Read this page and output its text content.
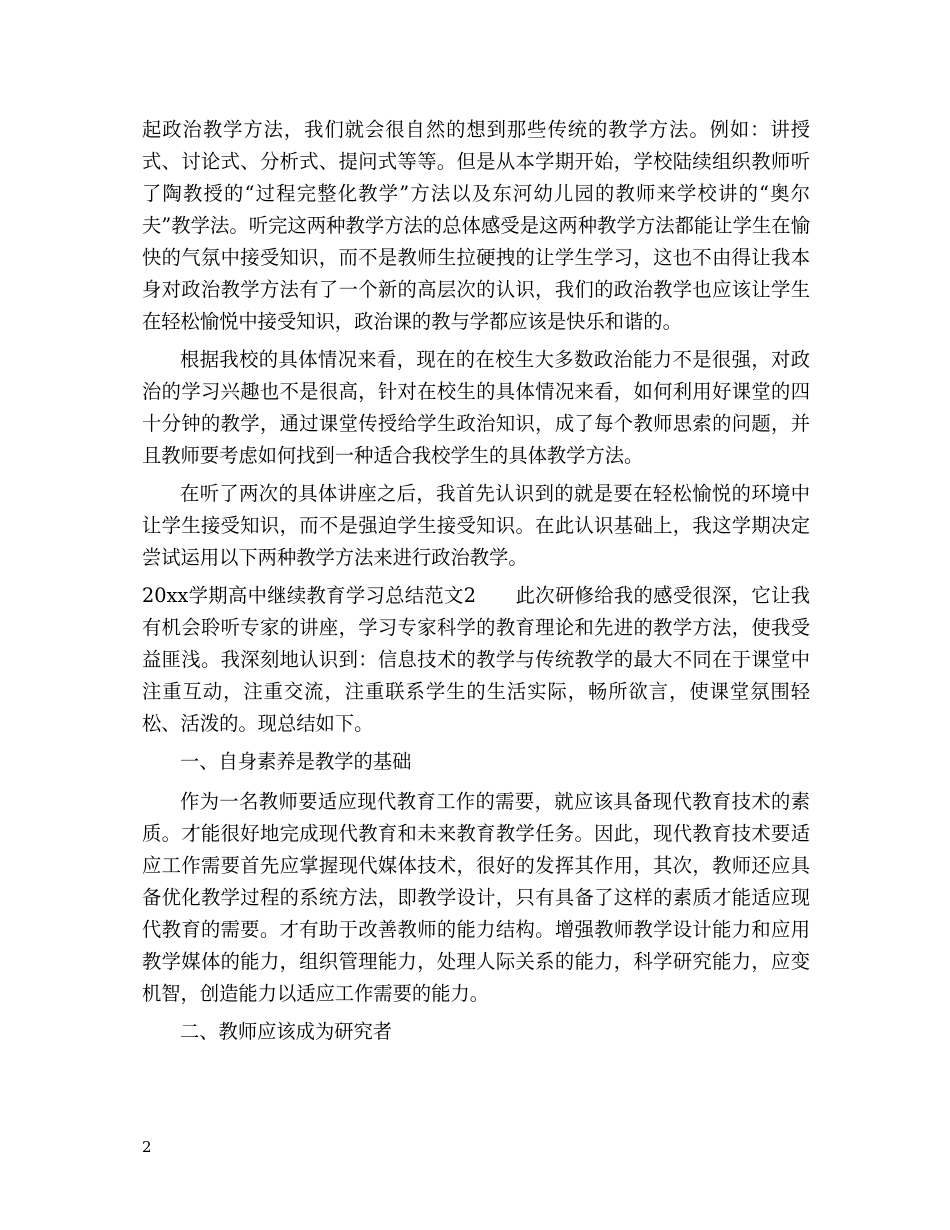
起政治教学方法，我们就会很自然的想到那些传统的教学方法。例如：讲授式、讨论式、分析式、提问式等等。但是从本学期开始，学校陆续组织教师听了陶教授的“过程完整化教学”方法以及东河幼儿园的教师来学校讲的“奥尔夫”教学法。听完这两种教学方法的总体感受是这两种教学方法都能让学生在愉快的气氛中接受知识，而不是教师生拉硬拽的让学生学习，这也不由得让我本身对政治教学方法有了一个新的高层次的认识，我们的政治教学也应该让学生在轻松愉悦中接受知识，政治课的教与学都应该是快乐和谐的。

根据我校的具体情况来看，现在的在校生大多数政治能力不是很强，对政治的学习兴趣也不是很高，针对在校生的具体情况来看，如何利用好课堂的四十分钟的教学，通过课堂传授给学生政治知识，成了每个教师思索的问题，并且教师要考虑如何找到一种适合我校学生的具体教学方法。

在听了两次的具体讲座之后，我首先认识到的就是要在轻松愉悦的环境中让学生接受知识，而不是强迫学生接受知识。在此认识基础上，我这学期决定尝试运用以下两种教学方法来进行政治教学。

20xx学期高中继续教育学习总结范文2　　此次研修给我的感受很深，它让我有机会聆听专家的讲座，学习专家科学的教育理论和先进的教学方法，使我受益匪浅。我深刻地认识到：信息技术的教学与传统教学的最大不同在于课堂中注重互动，注重交流，注重联系学生的生活实际，畅所欲言，使课堂氛围轻松、活泼的。现总结如下。

一、自身素养是教学的基础

作为一名教师要适应现代教育工作的需要，就应该具备现代教育技术的素质。才能很好地完成现代教育和未来教育教学任务。因此，现代教育技术要适应工作需要首先应掌握现代媒体技术，很好的发挥其作用，其次，教师还应具备优化教学过程的系统方法，即教学设计，只有具备了这样的素质才能适应现代教育的需要。才有助于改善教师的能力结构。增强教师教学设计能力和应用教学媒体的能力，组织管理能力，处理人际关系的能力，科学研究能力，应变机智，创造能力以适应工作需要的能力。

二、教师应该成为研究者

2
